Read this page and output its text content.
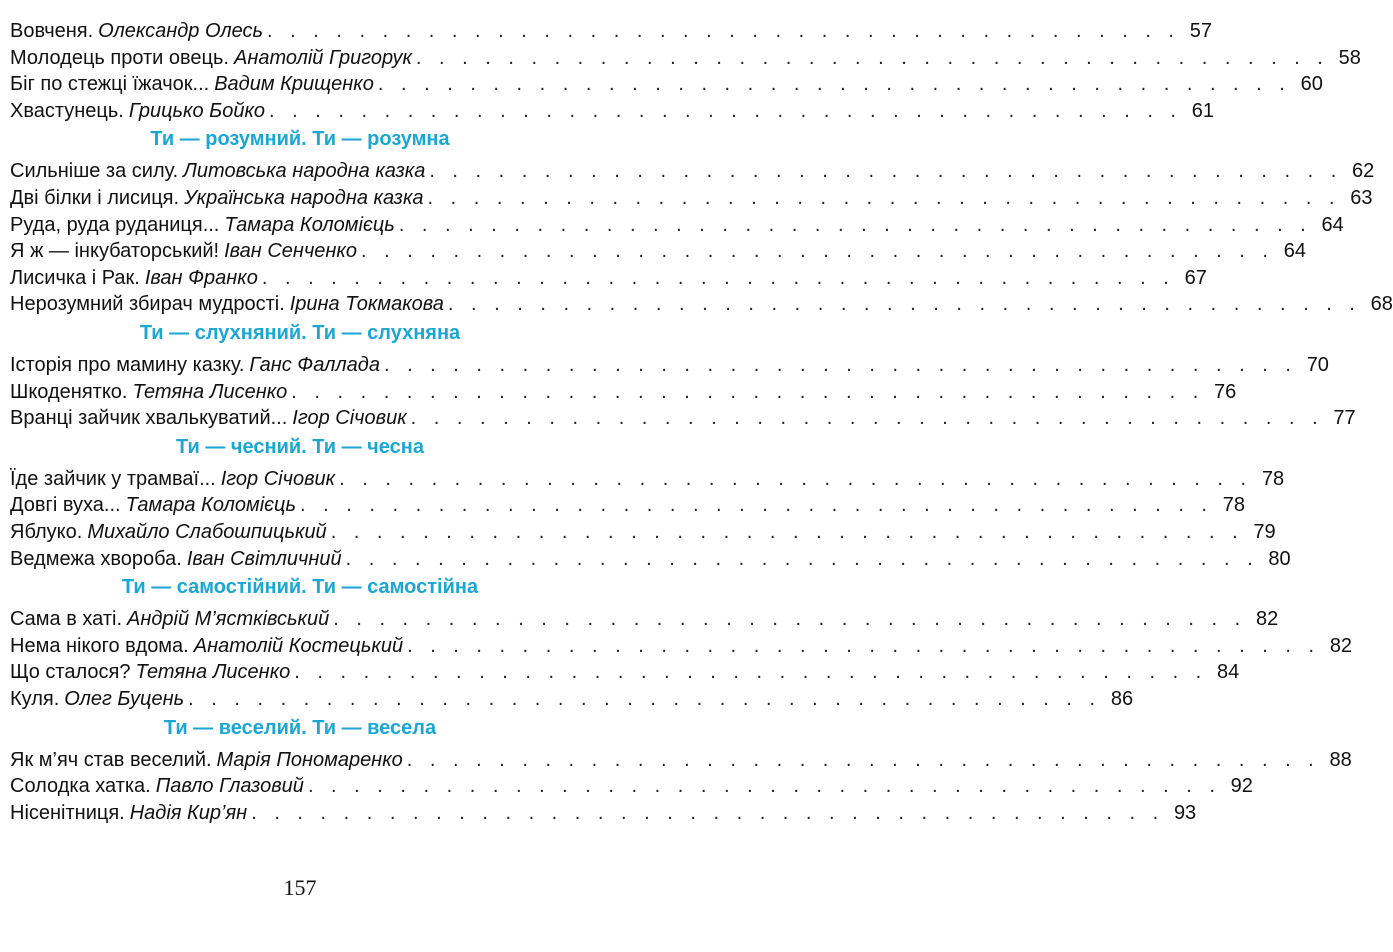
Вовченя. Олександр Олесь . . . . . . . . . . . . . . . . . . . . . . . . . . . . . . . . . . . . . . . . 57
Молодець проти овець. Анатолій Григорук . . . . . . . . . . . . . . . . . . . . . . . . . . . . . . . . . . . . . . . . 58
Біг по стежці їжачок... Вадим Крищенко . . . . . . . . . . . . . . . . . . . . . . . . . . . . . . . . . . . . . . . . 60
Хвастунець. Грицько Бойко . . . . . . . . . . . . . . . . . . . . . . . . . . . . . . . . . . . . . . . . 61
Ти — розумний. Ти — розумна
Сильніше за силу. Литовська народна казка . . . . . . . . . . . . . . . . . . . . . . . . . . . . . . . . . . . . . . . . 62
Дві білки і лисиця. Українська народна казка . . . . . . . . . . . . . . . . . . . . . . . . . . . . . . . . . . . . . . . . 63
Руда, руда руданиця... Тамара Коломієць . . . . . . . . . . . . . . . . . . . . . . . . . . . . . . . . . . . . . . . . 64
Я ж — інкубаторський! Іван Сенченко . . . . . . . . . . . . . . . . . . . . . . . . . . . . . . . . . . . . . . . . 64
Лисичка і Рак. Іван Франко . . . . . . . . . . . . . . . . . . . . . . . . . . . . . . . . . . . . . . . . 67
Нерозумний збирач мудрості. Ірина Токмакова . . . . . . . . . . . . . . . . . . . . . . . . . . . . . . . . . . . . . . . . 68
Ти — слухняний. Ти — слухняна
Історія про мамину казку. Ганс Фаллада . . . . . . . . . . . . . . . . . . . . . . . . . . . . . . . . . . . . . . . . 70
Шкоденятко. Тетяна Лисенко . . . . . . . . . . . . . . . . . . . . . . . . . . . . . . . . . . . . . . . . 76
Вранці зайчик хвалькуватий... Ігор Січовик . . . . . . . . . . . . . . . . . . . . . . . . . . . . . . . . . . . . . . . . 77
Ти — чесний. Ти — чесна
Їде зайчик у трамваї... Ігор Січовик . . . . . . . . . . . . . . . . . . . . . . . . . . . . . . . . . . . . . . . . 78
Довгі вуха... Тамара Коломієць . . . . . . . . . . . . . . . . . . . . . . . . . . . . . . . . . . . . . . . . 78
Яблуко. Михайло Слабошпицький . . . . . . . . . . . . . . . . . . . . . . . . . . . . . . . . . . . . . . . . 79
Ведмежа хвороба. Іван Світличний . . . . . . . . . . . . . . . . . . . . . . . . . . . . . . . . . . . . . . . . 80
Ти — самостійний. Ти — самостійна
Сама в хаті. Андрій М’ястківський . . . . . . . . . . . . . . . . . . . . . . . . . . . . . . . . . . . . . . . . 82
Нема нікого вдома. Анатолій Костецький . . . . . . . . . . . . . . . . . . . . . . . . . . . . . . . . . . . . . . . . 82
Що сталося? Тетяна Лисенко . . . . . . . . . . . . . . . . . . . . . . . . . . . . . . . . . . . . . . . . 84
Куля. Олег Буцень . . . . . . . . . . . . . . . . . . . . . . . . . . . . . . . . . . . . . . . . 86
Ти — веселий. Ти — весела
Як м’яч став веселий. Марія Пономаренко . . . . . . . . . . . . . . . . . . . . . . . . . . . . . . . . . . . . . . . . 88
Солодка хатка. Павло Глазовий . . . . . . . . . . . . . . . . . . . . . . . . . . . . . . . . . . . . . . . . 92
Нісенітниця. Надія Кир’ян . . . . . . . . . . . . . . . . . . . . . . . . . . . . . . . . . . . . . . . . 93
157
